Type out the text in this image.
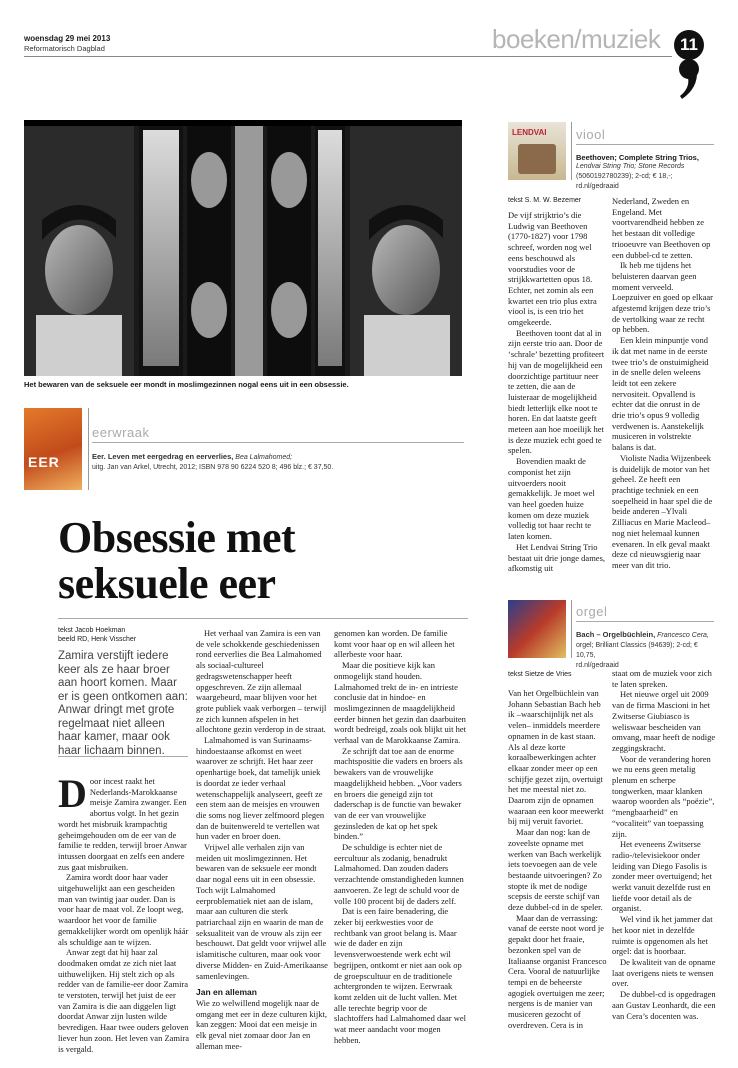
woensdag 29 mei 2013
Reformatorisch Dagblad	boeken/muziek	11
Het bewaren van de seksuele eer mondt in moslimgezinnen nogal eens uit in een obsessie.
EER
eerwraak
Eer. Leven met eergedrag en eerverlies, Bea Lalmahomed;
uitg. Jan van Arkel, Utrecht, 2012; ISBN 978 90 6224 520 8; 496 blz.; € 37,50.
Obsessie met
seksuele eer
tekst Jacob Hoekman
beeld RD, Henk Visscher
Zamira verstijft iedere keer als ze haar broer aan hoort komen. Maar er is geen ontkomen aan: Anwar dringt met grote regelmaat niet alleen haar kamer, maar ook haar lichaam binnen.

Door incest raakt het Nederlands-Marokkaanse meisje Zamira zwanger. Een abortus volgt. In het gezin wordt het misbruik krampachtig geheimgehouden om de eer van de familie te redden, terwijl broer Anwar intussen doorgaat en zelfs een andere zus gaat misbruiken.

Zamira wordt door haar vader uitgehuwelijkt aan een gescheiden man van twintig jaar ouder. Dan is voor haar de maat vol. Ze loopt weg, waardoor het voor de familie gemakkelijker wordt om openlijk háár als schuldige aan te wijzen.

Anwar zegt dat hij haar zal doodmaken omdat ze zich niet laat uithuwelijken. Hij stelt zich op als redder van de familie-eer door Zamira te verstoten, terwijl het juist de eer van Zamira is die aan diggelen ligt doordat Anwar zijn lusten wilde bevredigen. Haar twee ouders geloven liever hun zoon. Het leven van Zamira is vergald.

Het verhaal van Zamira is een van de vele schokkende geschiedenissen rond eerverlies die Bea Lalmahomed als sociaal-cultureel gedragswetenschapper heeft opgeschreven. Ze zijn allemaal waargebeurd, maar blijven voor het grote publiek vaak verborgen – terwijl ze zich kunnen afspelen in het allochtone gezin verderop in de straat.

Lalmahomed is van Surinaams-hindoestaanse afkomst en weet waarover ze schrijft. Het haar zeer openhartige boek, dat tamelijk uniek is doordat ze ieder verhaal wetenschappelijk analyseert, geeft ze een stem aan de meisjes en vrouwen die soms nog liever zelfmoord plegen dan de buitenwereld te vertellen wat hun vader en broer doen.

Vrijwel alle verhalen zijn van meiden uit moslimgezinnen. Het bewaren van de seksuele eer mondt daar nogal eens uit in een obsessie. Toch wijt Lalmahomed eerproblematiek niet aan de islam, maar aan culturen die sterk patriarchaal zijn en waarin de man de seksualiteit van de vrouw als zijn eer beschouwt. Dat geldt voor vrijwel alle islamitische culturen, maar ook voor diverse Midden- en Zuid-Amerikaanse samenlevingen.

Jan en alleman

Wie zo welwillend mogelijk naar de omgang met eer in deze culturen kijkt, kan zeggen: Mooi dat een meisje in elk geval niet zomaar door Jan en alleman mee-

genomen kan worden. De familie komt voor haar op en wil alleen het allerbeste voor haar.

Maar die positieve kijk kan onmogelijk stand houden. Lalmahomed trekt de in- en intrieste conclusie dat in hindoe- en moslimgezinnen de maagdelijkheid eerder binnen het gezin dan daarbuiten wordt bedreigd, zoals ook blijkt uit het verhaal van de Marokkaanse Zamira.

Ze schrijft dat toe aan de enorme machtspositie die vaders en broers als bewakers van de vrouwelijke maagdelijkheid hebben. „Voor vaders en broers die geneigd zijn tot daderschap is de functie van bewaker van de eer van vrouwelijke gezinsleden de kat op het spek binden.”

De schuldige is echter niet de eercultuur als zodanig, benadrukt Lalmahomed. Dan zouden daders verzachtende omstandigheden kunnen aanvoeren. Ze legt de schuld voor de volle 100 procent bij de daders zelf.

Dat is een faire benadering, die zeker bij eerkwesties voor de rechtbank van groot belang is. Maar wie de dader en zijn levensverwoestende werk echt wil begrijpen, ontkomt er niet aan ook op de groepscultuur en de traditionele achtergronden te wijzen. Eerwraak komt zelden uit de lucht vallen. Met alle terechte begrip voor de slachtoffers had Lalmahomed daar wel wat meer aandacht voor mogen hebben.

LENDVAI viool
Beethoven; Complete String Trios,
Lendvai String Trio; Stone Records
(5060192780239); 2-cd; € 18,-; rd.nl/gedraaid
tekst S. M. W. Bezemer

De vijf strijktrio’s die Ludwig van Beethoven (1770-1827) voor 1798 schreef, worden nog wel eens beschouwd als voorstudies voor de strijkkwartetten opus 18. Echter, net zomin als een kwartet een trio plus extra viool is, is een trio het omgekeerde.

Beethoven toont dat al in zijn eerste trio aan. Door de ‘schrale’ bezetting profiteert hij van de mogelijkheid een doorzichtige partituur neer te zetten, die aan de luisteraar de mogelijkheid biedt letterlijk elke noot te horen. En dat laatste geeft meteen aan hoe moeilijk het is deze muziek echt goed te spelen.

Bovendien maakt de componist het zijn uitvoerders nooit gemakkelijk. Je moet wel van heel goeden huize komen om deze muziek volledig tot haar recht te laten komen.

Het Lendvai String Trio bestaat uit drie jonge dames, afkomstig uit

Nederland, Zweden en Engeland. Met voortvarendheid hebben ze het bestaan dit volledige triooeuvre van Beethoven op een dubbel-cd te zetten.

Ik heb me tijdens het beluisteren daarvan geen moment verveeld. Loepzuiver en goed op elkaar afgestemd krijgen deze trio’s de vertolking waar ze recht op hebben.

Een klein minpuntje vond ik dat met name in de eerste twee trio’s de onstuimigheid in de snelle delen weleens leidt tot een zekere nervositeit. Opvallend is echter dat die onrust in de drie trio’s opus 9 volledig verdwenen is. Aanstekelijk musiceren in volstrekte balans is dat.

Violiste Nadia Wijzenbeek is duidelijk de motor van het geheel. Ze heeft een prachtige techniek en een soepelheid in haar spel die de beide anderen –Ylvali Zilliacus en Marie Macleod– nog niet helemaal kunnen evenaren. In elk geval maakt deze cd nieuwsgierig naar meer van dit trio.

orgel
Bach – Orgelbüchlein, Francesco Cera,
orgel; Brilliant Classics (94639); 2-cd; € 10,75,
rd.nl/gedraaid
tekst Sietze de Vries

Van het Orgelbüchlein van Johann Sebastian Bach heb ik –waarschijnlijk net als velen– inmiddels meerdere opnamen in de kast staan. Als al deze korte koraalbewerkingen achter elkaar zonder meer op een schijfje gezet zijn, overtuigt het me meestal niet zo. Daarom zijn de opnamen waaraan een koor meewerkt bij mij veruit favoriet.

Maar dan nog: kan de zoveelste opname met werken van Bach werkelijk iets toevoegen aan de vele bestaande uitvoeringen? Zo stopte ik met de nodige scepsis de eerste schijf van deze dubbel-cd in de speler.

Maar dan de verrassing: vanaf de eerste noot word je gepakt door het fraaie, bezonken spel van de Italiaanse organist Francesco Cera. Vooral de natuurlijke tempi en de beheerste agogiek overtuigen me zeer; nergens is de manier van musiceren gezocht of overdreven. Cera is in

staat om de muziek voor zich te laten spreken.

Het nieuwe orgel uit 2009 van de firma Mascioni in het Zwitserse Giubiasco is weliswaar bescheiden van omvang, maar heeft de nodige zeggingskracht.

Voor de verandering horen we nu eens geen metalig plenum en scherpe tongwerken, maar klanken waarop woorden als “poëzie”, “mengbaarheid” en “vocaliteit” van toepassing zijn.

Het eveneens Zwitserse radio-/televisiekoor onder leiding van Diego Fasolis is zonder meer overtuigend; het werkt vanuit dezelfde rust en liefde voor detail als de organist.

Wel vind ik het jammer dat het koor niet in dezelfde ruimte is opgenomen als het orgel: dat is hoorbaar.

De kwaliteit van de opname laat overigens niets te wensen over.

De dubbel-cd is opgedragen aan Gustav Leonhardt, die een van Cera’s docenten was.
